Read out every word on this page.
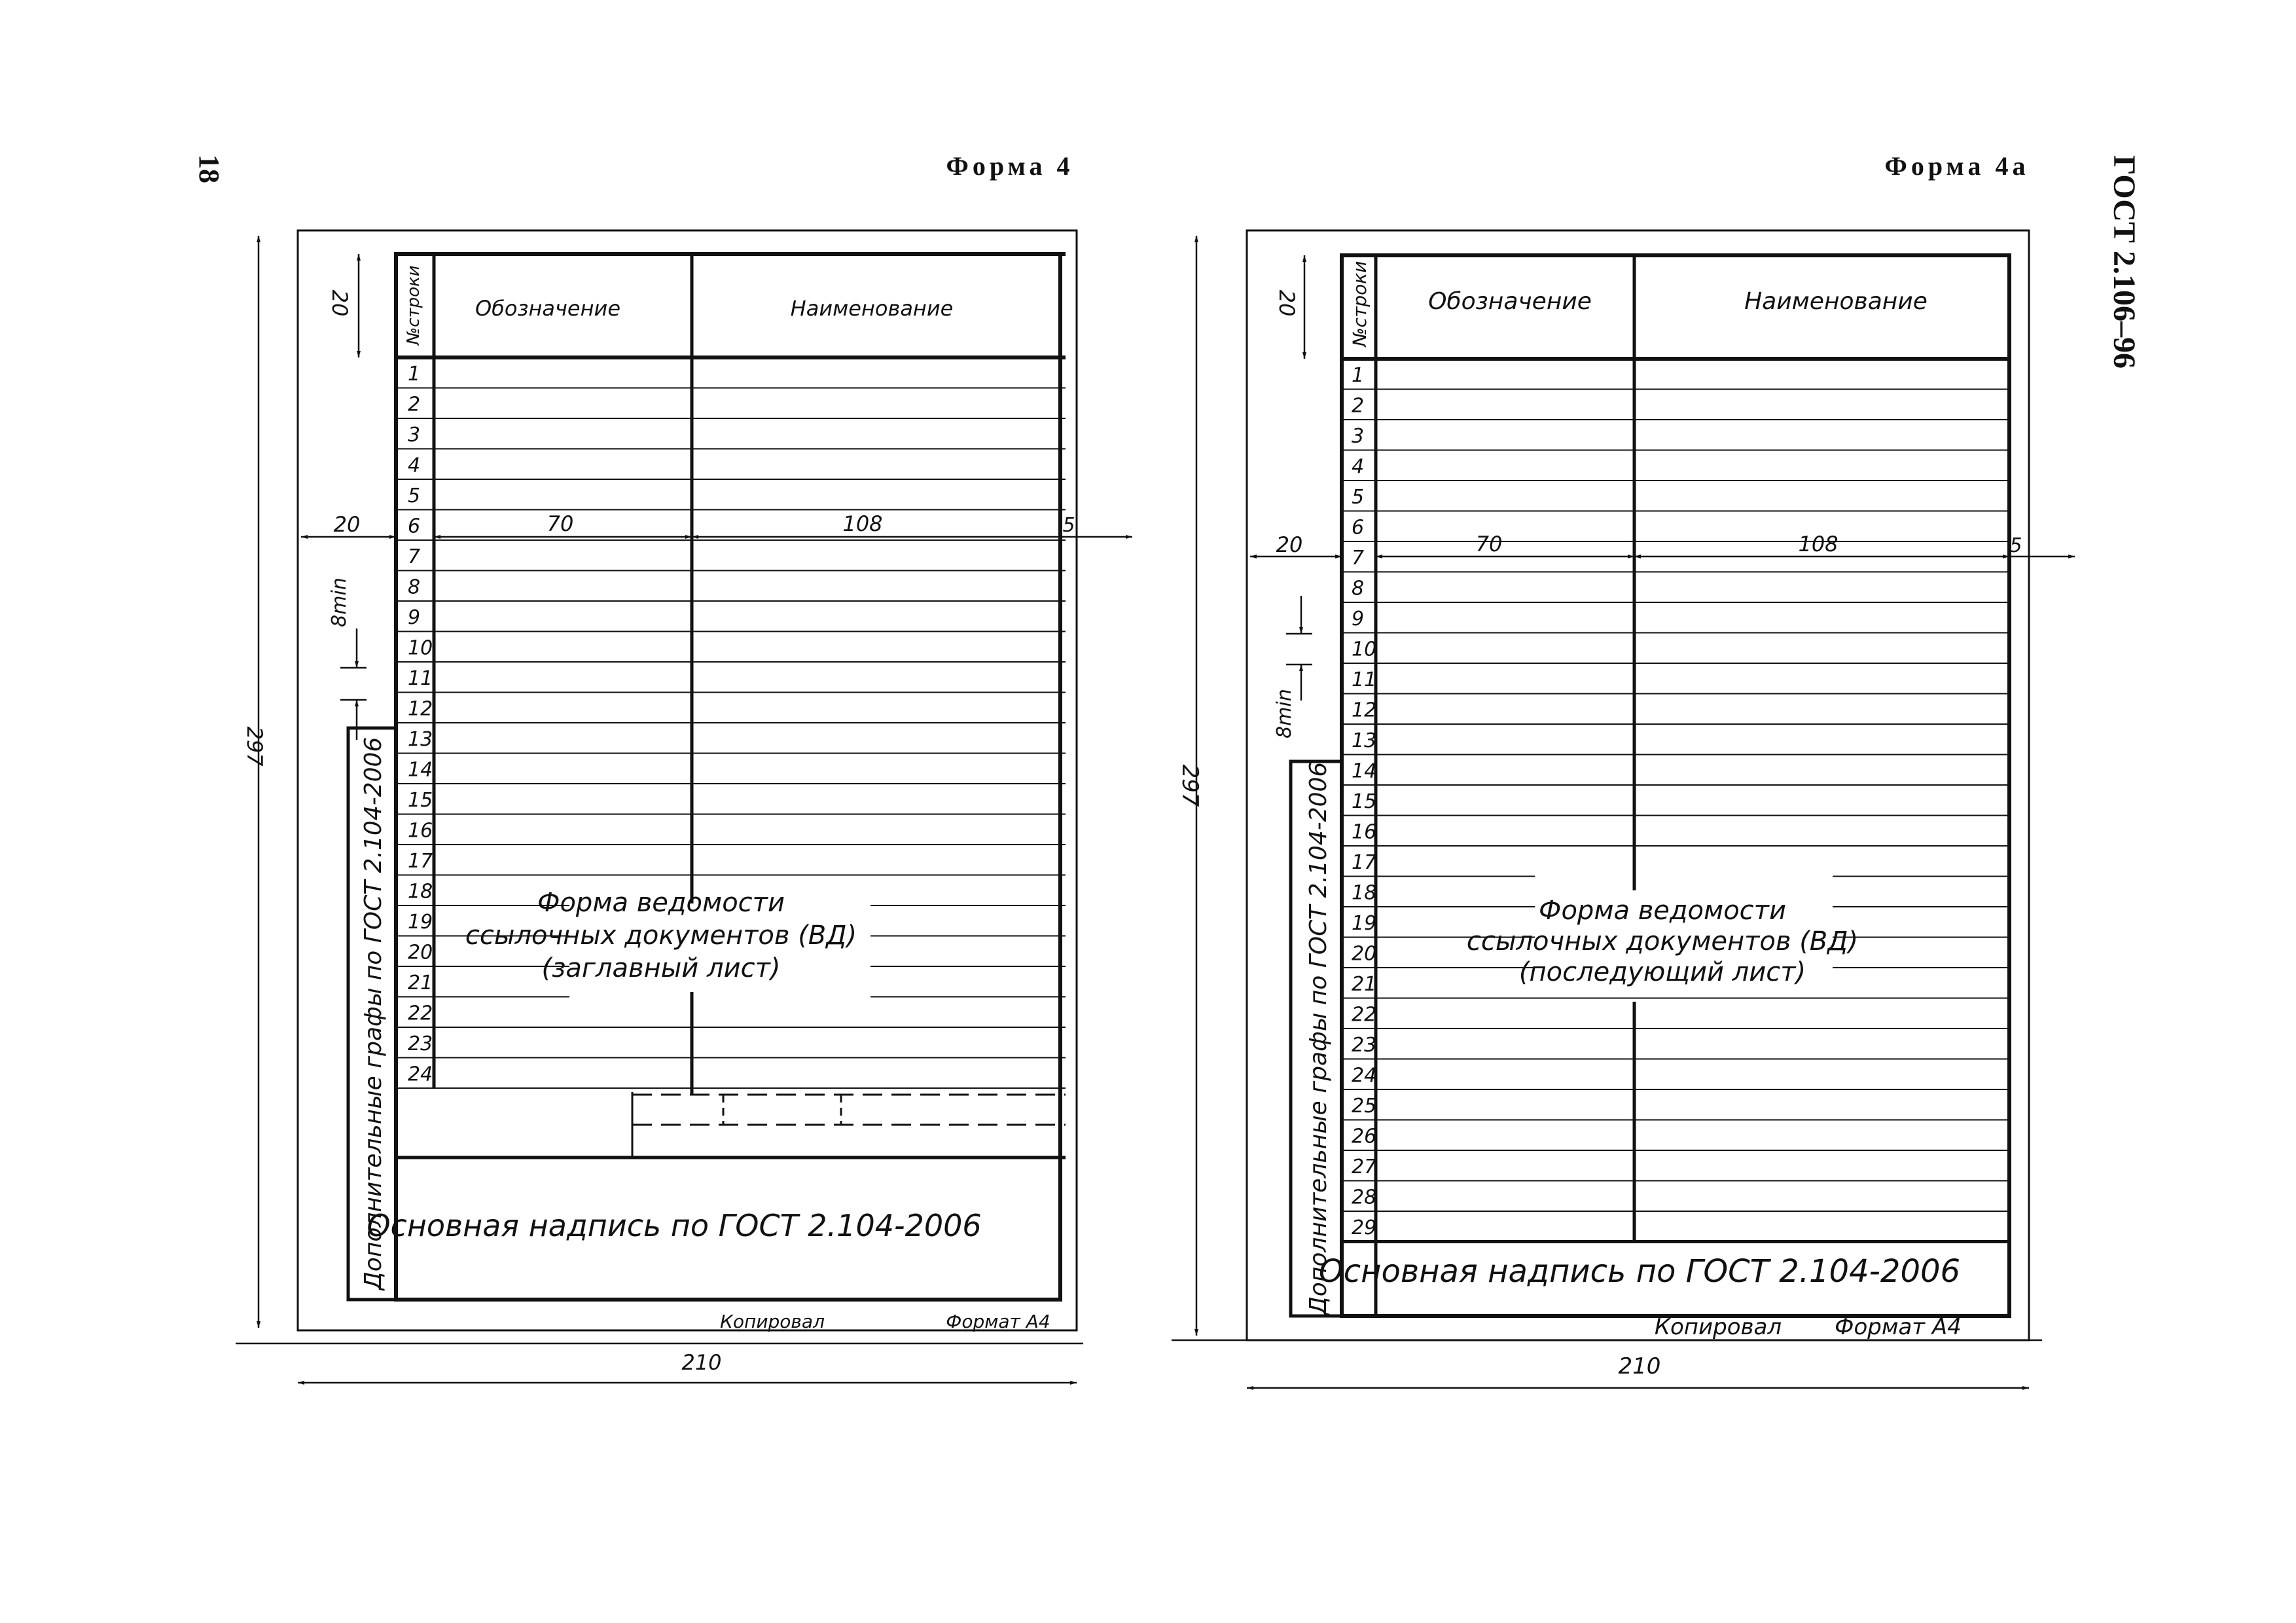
18	ГОСТ 2.106–96
Форма 4
№строки Обозначение	Наименование
1
2
3
4
5
6
7
8
9
10
11
12
13
14
15
16
17
18
19
20
21
22
23
24
Форма ведомости
ссылочных документов (ВД)
(заглавный лист)
Дополнительные графы по ГОСТ 2.104-2006
Основная надпись по ГОСТ 2.104-2006
Копировал	Формат А4
297
210
20
20
70	108	5
8min
Форма 4а
№строки Обозначение	Наименование
1
2
3
4
5
6
7
8
9
10
11
12
13
14
15
16
17
18
19
20
21
22
23
24
25
26
27
28
29
Форма ведомости
ссылочных документов (ВД)
(последующий лист)
Дополнительные графы по ГОСТ 2.104-2006
Основная надпись по ГОСТ 2.104-2006
Копировал Формат А4
297
210
20
20
70	108	5
8min
